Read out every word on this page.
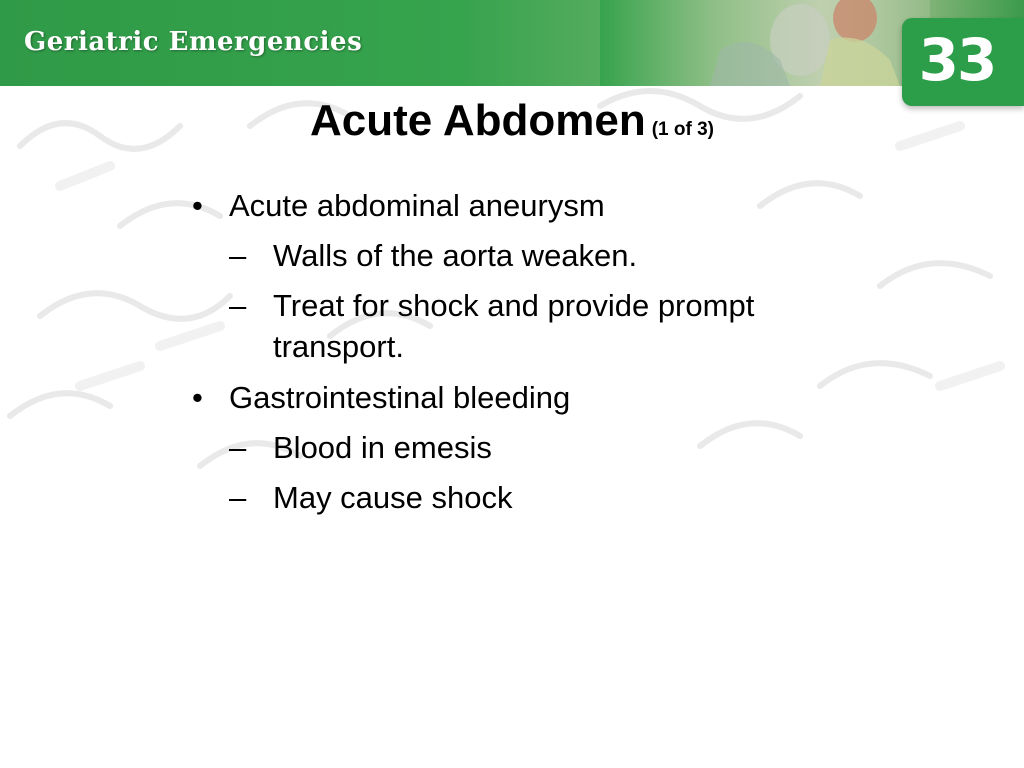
Geriatric Emergencies	33
Acute Abdomen (1 of 3)
• Acute abdominal aneurysm
– Walls of the aorta weaken.
– Treat for shock and provide prompt transport.
• Gastrointestinal bleeding
– Blood in emesis
– May cause shock
